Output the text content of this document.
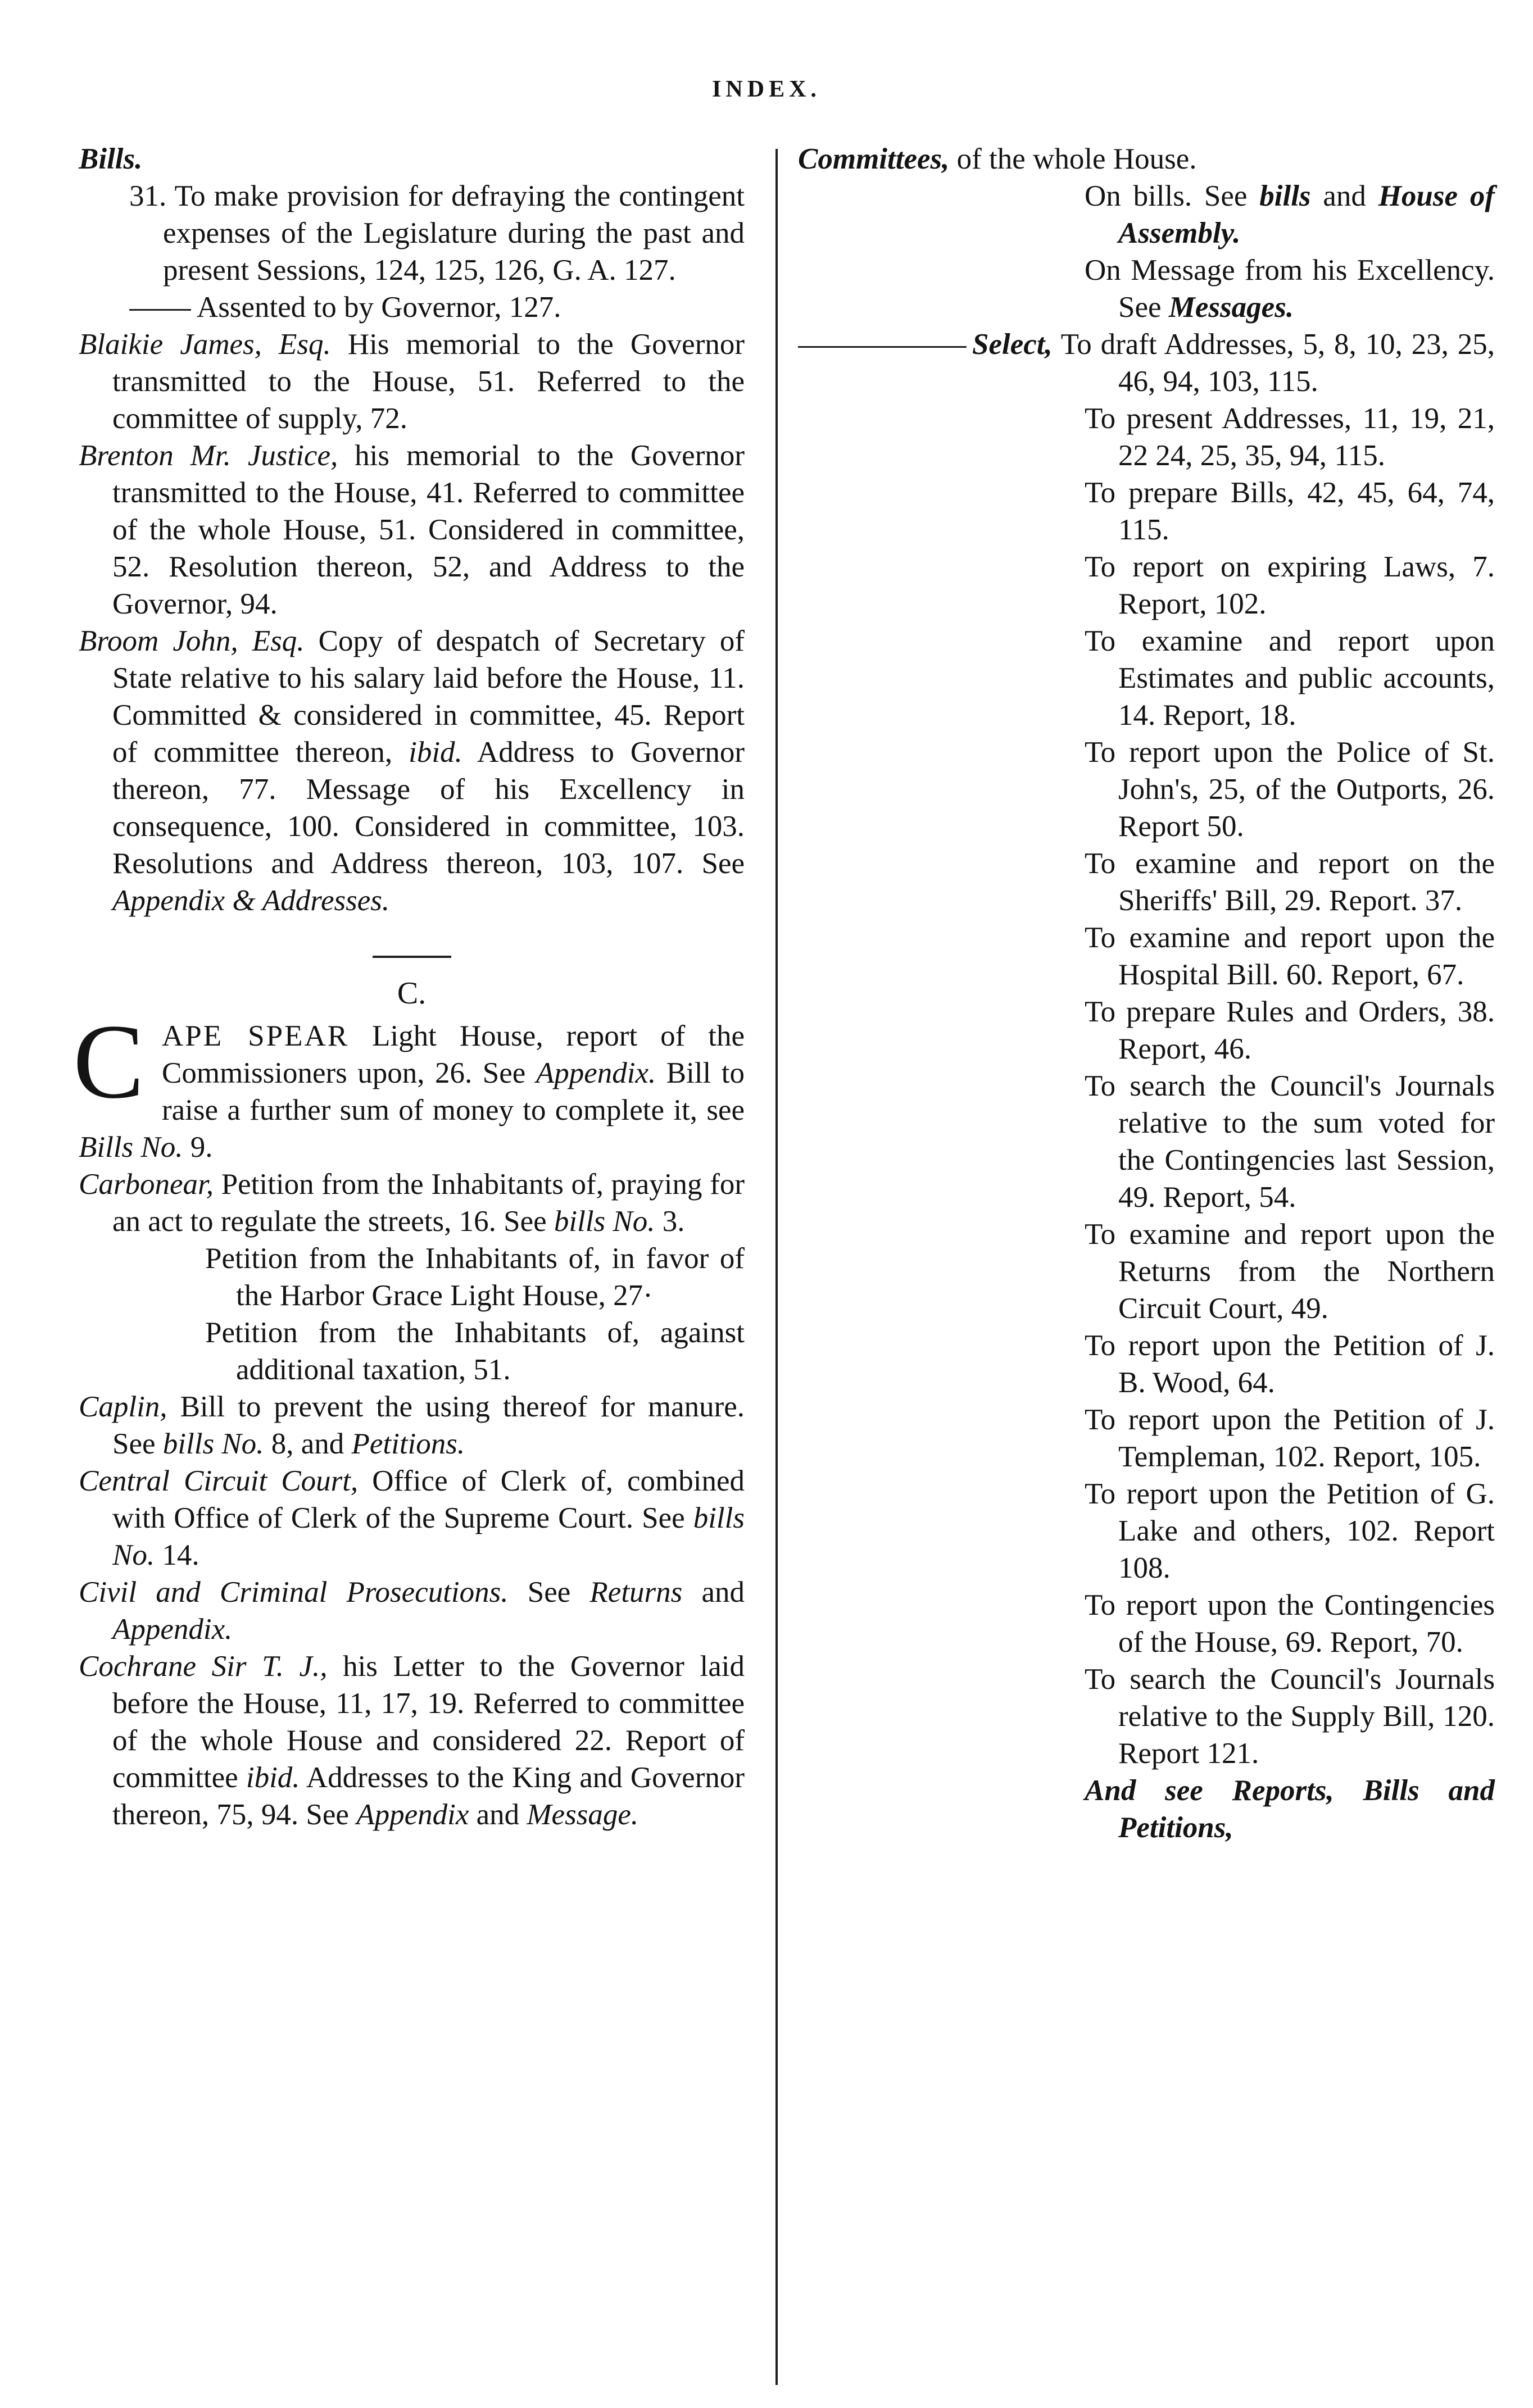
INDEX.

Bills.

31. To make provision for defraying the contingent expenses of the Legislature during the past and present Sessions, 124, 125, 126, G. A. 127.

Assented to by Governor, 127.

Blaikie James, Esq. His memorial to the Governor transmitted to the House, 51. Referred to the committee of supply, 72.

Brenton Mr. Justice, his memorial to the Governor transmitted to the House, 41. Referred to committee of the whole House, 51. Considered in committee, 52. Resolution thereon, 52, and Address to the Governor, 94.

Broom John, Esq. Copy of despatch of Secretary of State relative to his salary laid before the House, 11. Committed & considered in committee, 45. Report of committee thereon, ibid. Address to Governor thereon, 77. Message of his Excellency in consequence, 100. Considered in committee, 103. Resolutions and Address thereon, 103, 107. See Appendix & Addresses.

C.

CAPE SPEAR Light House, report of the Commissioners upon, 26. See Appendix. Bill to raise a further sum of money to complete it, see Bills No. 9.

Carbonear, Petition from the Inhabitants of, praying for an act to regulate the streets, 16. See bills No. 3.

Petition from the Inhabitants of, in favor of the Harbor Grace Light House, 27·

Petition from the Inhabitants of, against additional taxation, 51.

Caplin, Bill to prevent the using thereof for manure. See bills No. 8, and Petitions.

Central Circuit Court, Office of Clerk of, combined with Office of Clerk of the Supreme Court. See bills No. 14.

Civil and Criminal Prosecutions. See Returns and Appendix.

Cochrane Sir T. J., his Letter to the Governor laid before the House, 11, 17, 19. Referred to committee of the whole House and considered 22. Report of committee ibid. Addresses to the King and Governor thereon, 75, 94. See Appendix and Message.

Committees, of the whole House.

On bills. See bills and House of Assembly.

On Message from his Excellency. See Messages.

Select, To draft Addresses, 5, 8, 10, 23, 25, 46, 94, 103, 115.

To present Addresses, 11, 19, 21, 22 24, 25, 35, 94, 115.

To prepare Bills, 42, 45, 64, 74, 115.

To report on expiring Laws, 7. Report, 102.

To examine and report upon Estimates and public accounts, 14. Report, 18.

To report upon the Police of St. John's, 25, of the Outports, 26. Report 50.

To examine and report on the Sheriffs' Bill, 29. Report. 37.

To examine and report upon the Hospital Bill. 60. Report, 67.

To prepare Rules and Orders, 38. Report, 46.

To search the Council's Journals relative to the sum voted for the Contingencies last Session, 49. Report, 54.

To examine and report upon the Returns from the Northern Circuit Court, 49.

To report upon the Petition of J. B. Wood, 64.

To report upon the Petition of J. Templeman, 102. Report, 105.

To report upon the Petition of G. Lake and others, 102. Report 108.

To report upon the Contingencies of the House, 69. Report, 70.

To search the Council's Journals relative to the Supply Bill, 120. Report 121.

And see Reports, Bills and Petitions,
